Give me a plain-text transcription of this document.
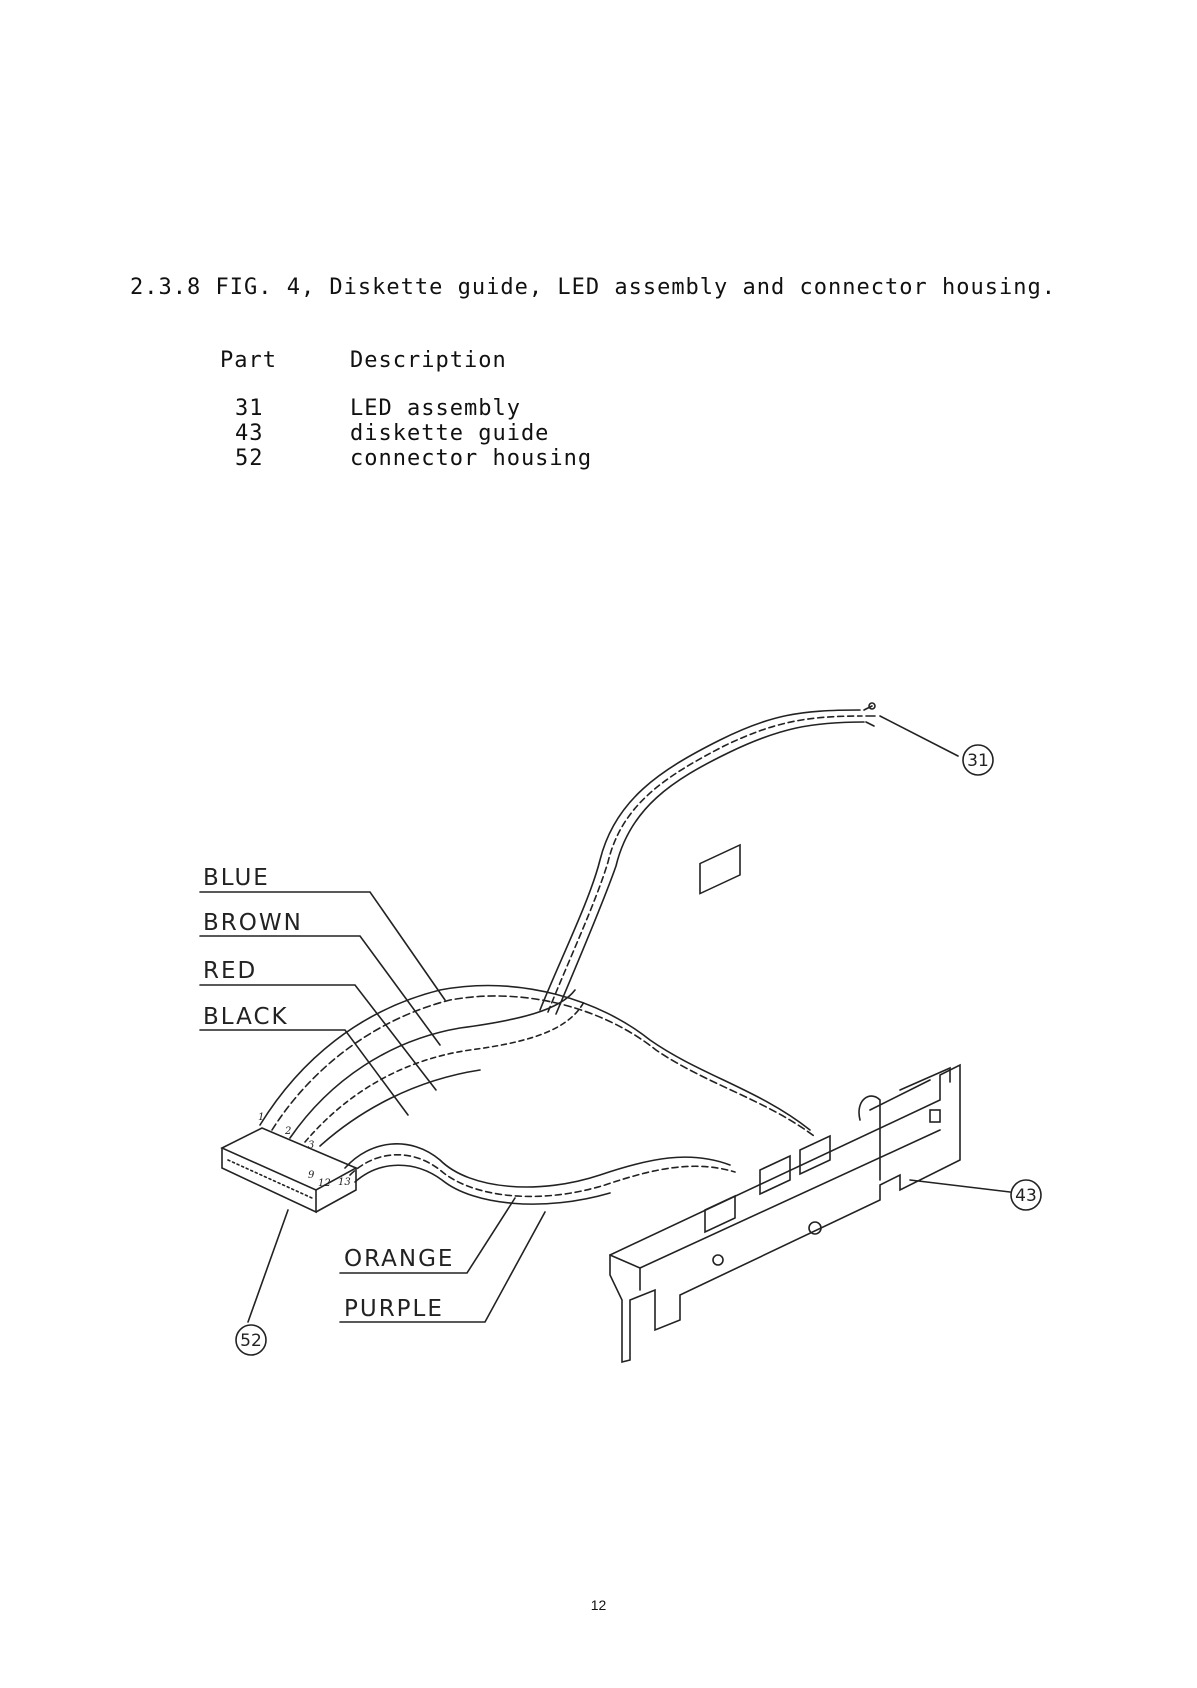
2.3.8 FIG. 4, Diskette guide, LED assembly and connector housing.
Part	Description
31	LED assembly
43	diskette guide
52	connector housing
BLUE
BROWN
RED
BLACK
ORANGE
PURPLE
31
43
52
1
2
3
9
12 13
12
